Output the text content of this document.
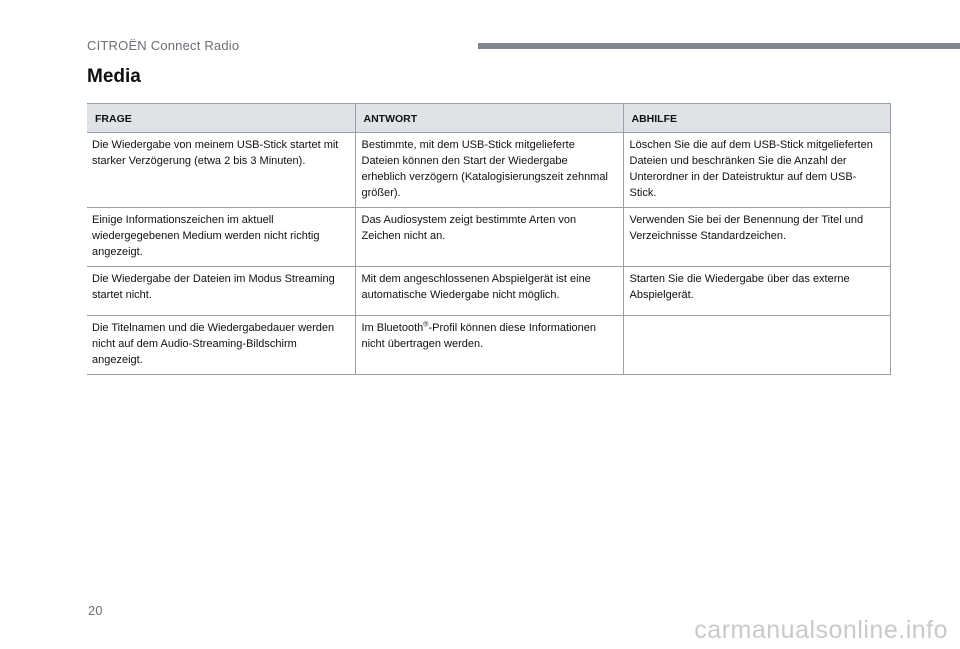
CITROËN Connect Radio
Media
FRAGE	ANTWORT	ABHILFE
Die Wiedergabe von meinem USB-Stick startet mit starker Verzögerung (etwa 2 bis 3 Minuten).	Bestimmte, mit dem USB-Stick mitgelieferte Dateien können den Start der Wiedergabe erheblich verzögern (Katalogisierungszeit zehnmal größer).	Löschen Sie die auf dem USB-Stick mitgelieferten Dateien und beschränken Sie die Anzahl der Unterordner in der Dateistruktur auf dem USB-Stick.
Einige Informationszeichen im aktuell wiedergegebenen Medium werden nicht richtig angezeigt.	Das Audiosystem zeigt bestimmte Arten von Zeichen nicht an.	Verwenden Sie bei der Benennung der Titel und Verzeichnisse Standardzeichen.
Die Wiedergabe der Dateien im Modus Streaming startet nicht.	Mit dem angeschlossenen Abspielgerät ist eine automatische Wiedergabe nicht möglich.	Starten Sie die Wiedergabe über das externe Abspielgerät.
Die Titelnamen und die Wiedergabedauer werden nicht auf dem Audio-Streaming-Bildschirm angezeigt.	Im Bluetooth®-Profil können diese Informationen nicht übertragen werden.	
20
carmanualsonline.info
